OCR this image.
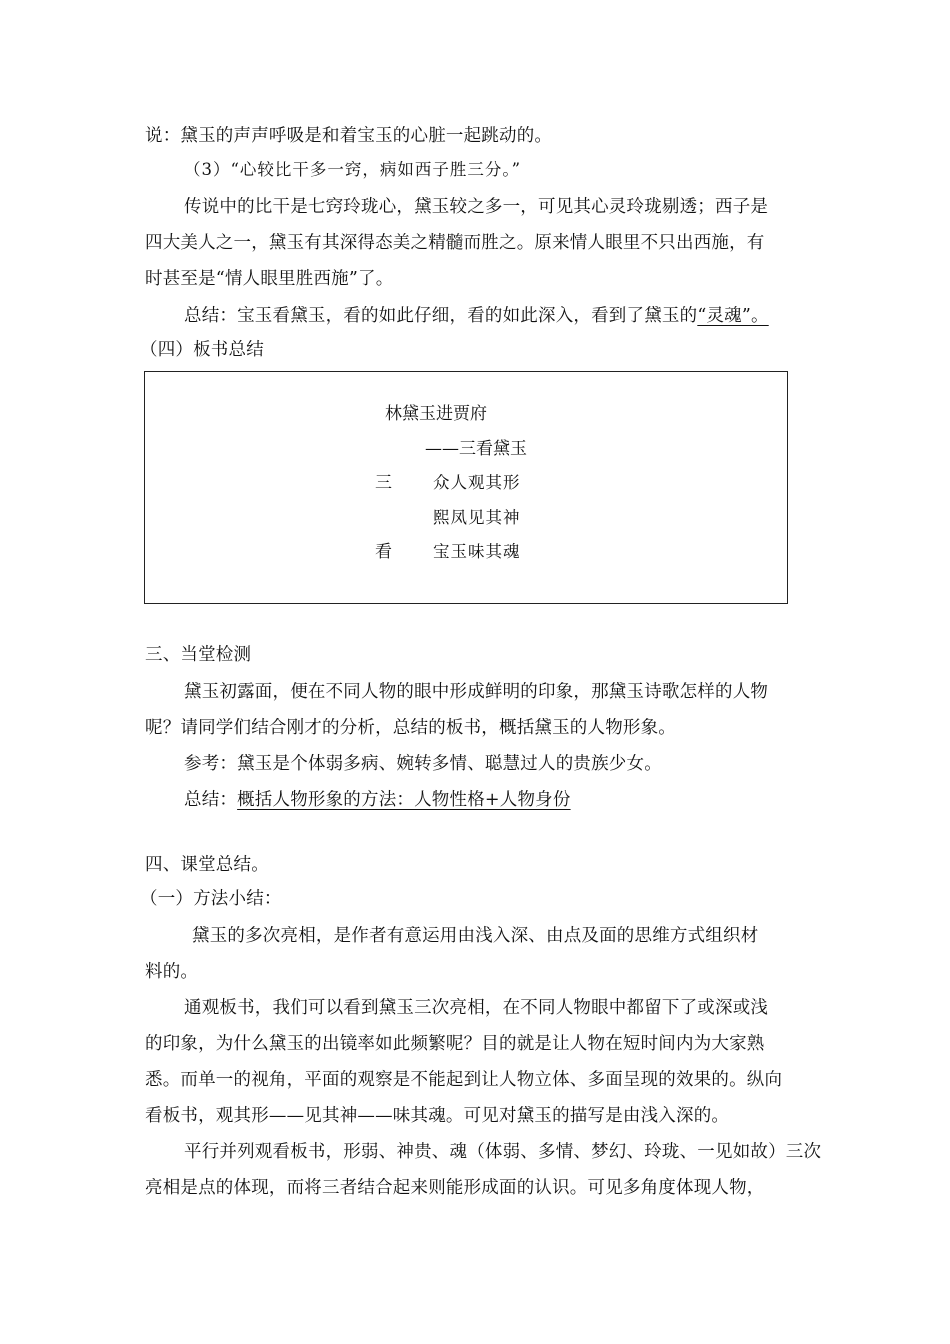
说：黛玉的声声呼吸是和着宝玉的心脏一起跳动的。
（3）“心较比干多一窍，病如西子胜三分。”
传说中的比干是七窍玲珑心，黛玉较之多一，可见其心灵玲珑剔透；西子是
四大美人之一，黛玉有其深得态美之精髓而胜之。原来情人眼里不只出西施，有
时甚至是“情人眼里胜西施”了。
总结：宝玉看黛玉，看的如此仔细，看的如此深入，看到了黛玉的“灵魂”。
（四）板书总结
林黛玉进贾府
——三看黛玉
三 众人观其形
熙凤见其神
看 宝玉味其魂
三、当堂检测
黛玉初露面，便在不同人物的眼中形成鲜明的印象，那黛玉诗歌怎样的人物
呢？请同学们结合刚才的分析，总结的板书，概括黛玉的人物形象。
参考：黛玉是个体弱多病、婉转多情、聪慧过人的贵族少女。
总结：概括人物形象的方法：人物性格+人物身份
四、课堂总结。
（一）方法小结：
黛玉的多次亮相，是作者有意运用由浅入深、由点及面的思维方式组织材
料的。
通观板书，我们可以看到黛玉三次亮相，在不同人物眼中都留下了或深或浅
的印象，为什么黛玉的出镜率如此频繁呢？目的就是让人物在短时间内为大家熟
悉。而单一的视角，平面的观察是不能起到让人物立体、多面呈现的效果的。纵向
看板书，观其形——见其神——味其魂。可见对黛玉的描写是由浅入深的。
平行并列观看板书，形弱、神贵、魂（体弱、多情、梦幻、玲珑、一见如故）三次
亮相是点的体现，而将三者结合起来则能形成面的认识。可见多角度体现人物，
